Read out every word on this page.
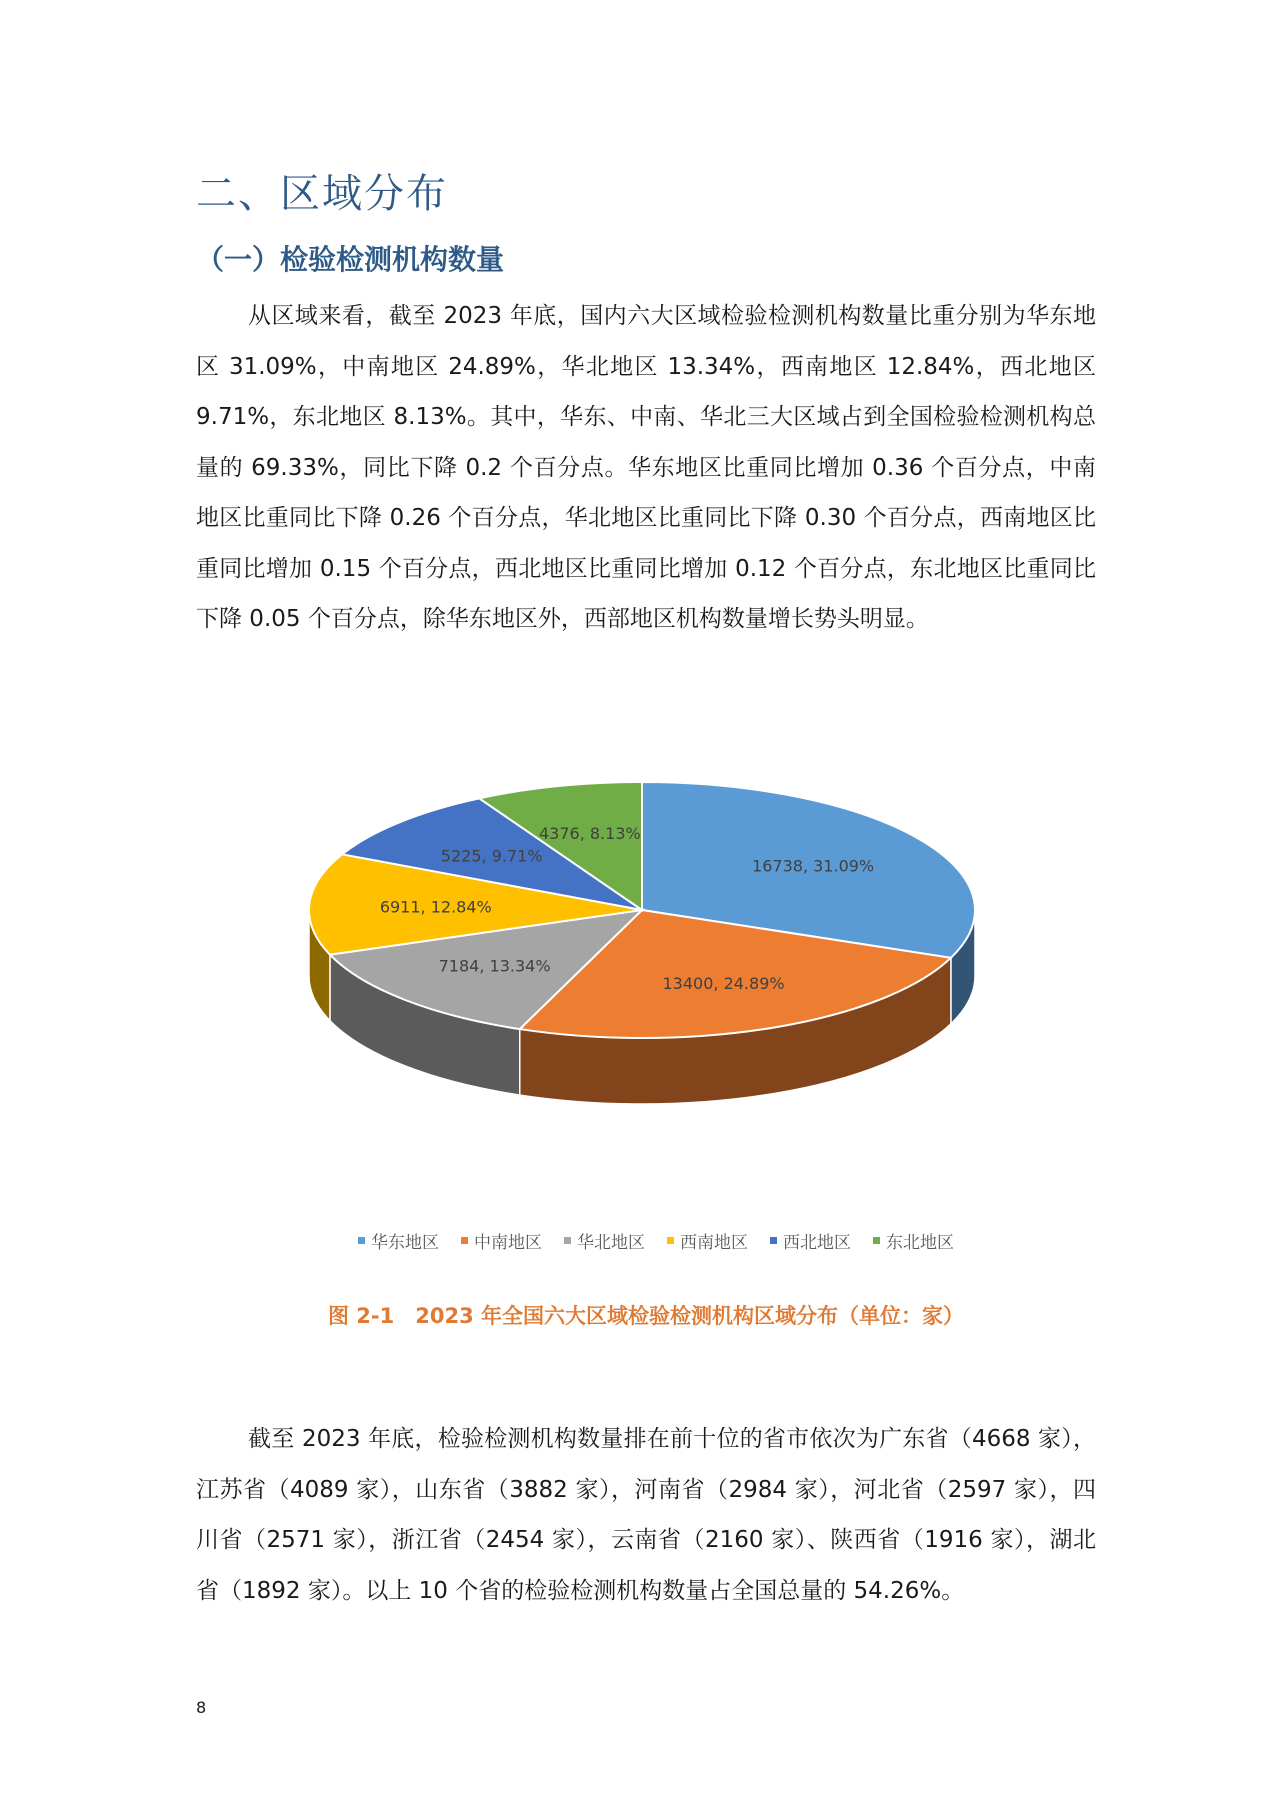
二、区域分布
（一）检验检测机构数量

从区域来看，截至 2023 年底，国内六大区域检验检测机构数量比重分别为华东地区 31.09%，中南地区 24.89%，华北地区 13.34%，西南地区 12.84%，西北地区 9.71%，东北地区 8.13%。其中，华东、中南、华北三大区域占到全国检验检测机构总量的 69.33%，同比下降 0.2 个百分点。华东地区比重同比增加 0.36 个百分点，中南地区比重同比下降 0.26 个百分点，华北地区比重同比下降 0.30 个百分点，西南地区比重同比增加 0.15 个百分点，西北地区比重同比增加 0.12 个百分点，东北地区比重同比下降 0.05 个百分点，除华东地区外，西部地区机构数量增长势头明显。

16738, 31.09%
13400, 24.89%
7184, 13.34%
6911, 12.84%
5225, 9.71%
4376, 8.13%
华东地区 中南地区 华北地区 西南地区 西北地区 东北地区
图 2-1　2023 年全国六大区域检验检测机构区域分布（单位：家）

截至 2023 年底，检验检测机构数量排在前十位的省市依次为广东省（4668 家），江苏省（4089 家），山东省（3882 家），河南省（2984 家），河北省（2597 家），四川省（2571 家），浙江省（2454 家），云南省（2160 家）、陕西省（1916 家），湖北省（1892 家）。以上 10 个省的检验检测机构数量占全国总量的 54.26%。

8
